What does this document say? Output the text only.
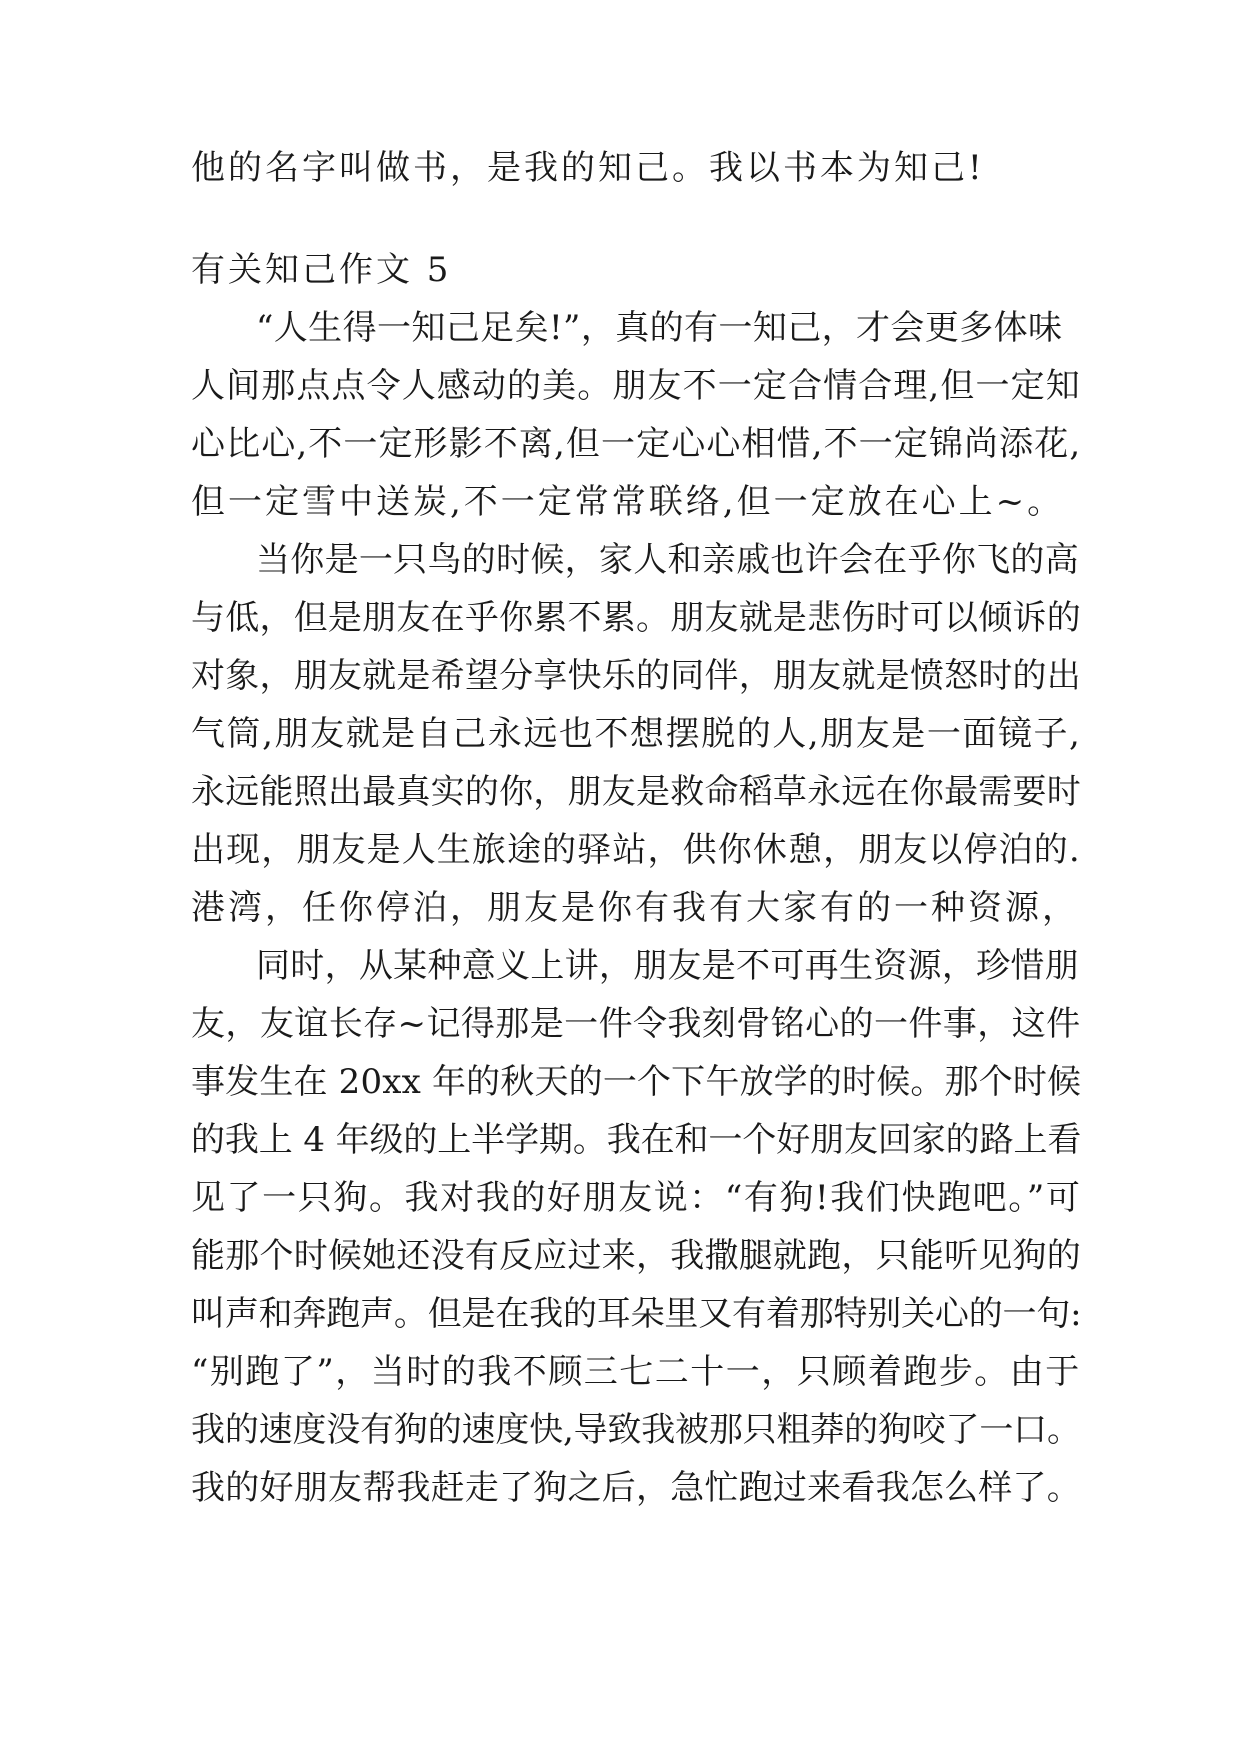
他的名字叫做书，是我的知己。我以书本为知己!
有关知己作文 5
“人生得一知己足矣!”，真的有一知己，才会更多体味
人间那点点令人感动的美。朋友不一定合情合理,但一定知
心比心,不一定形影不离,但一定心心相惜,不一定锦尚添花,
但一定雪中送炭,不一定常常联络,但一定放在心上~。
当你是一只鸟的时候，家人和亲戚也许会在乎你飞的高
与低，但是朋友在乎你累不累。朋友就是悲伤时可以倾诉的
对象，朋友就是希望分享快乐的同伴，朋友就是愤怒时的出
气筒,朋友就是自己永远也不想摆脱的人,朋友是一面镜子,
永远能照出最真实的你，朋友是救命稻草永远在你最需要时
出现，朋友是人生旅途的驿站，供你休憩，朋友以停泊的.
港湾，任你停泊，朋友是你有我有大家有的一种资源，
同时，从某种意义上讲，朋友是不可再生资源，珍惜朋
友，友谊长存~记得那是一件令我刻骨铭心的一件事，这件
事发生在 20xx 年的秋天的一个下午放学的时候。那个时候
的我上 4 年级的上半学期。我在和一个好朋友回家的路上看
见了一只狗。我对我的好朋友说：“有狗!我们快跑吧。”可
能那个时候她还没有反应过来，我撒腿就跑，只能听见狗的
叫声和奔跑声。但是在我的耳朵里又有着那特别关心的一句:
“别跑了”，当时的我不顾三七二十一，只顾着跑步。由于
我的速度没有狗的速度快,导致我被那只粗莽的狗咬了一口。
我的好朋友帮我赶走了狗之后，急忙跑过来看我怎么样了。
